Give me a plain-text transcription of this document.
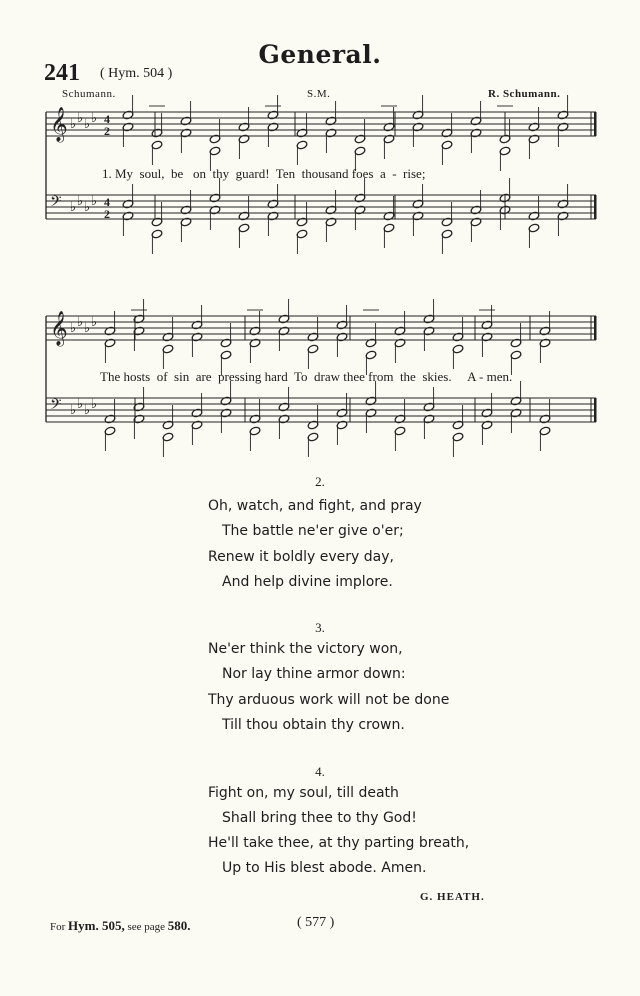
General.
241 ( Hym. 504 )
Schumann.	S.M.	R. Schumann.
𝄞 ♭ ♭ ♭ ♭ 4
2
𝄢 ♭ ♭ ♭ ♭ 4
2
𝄞 ♭ ♭ ♭ ♭
𝄢 ♭ ♭ ♭ ♭
1. My  soul,  be   on  thy  guard!  Ten  thousand foes  a  -  rise;
The hosts  of  sin  are  pressing hard  To  draw thee from  the  skies.     A - men.
2.
Oh, watch, and fight, and pray
The battle ne'er give o'er;
Renew it boldly every day,
And help divine implore.
3.
Ne'er think the victory won,
Nor lay thine armor down:
Thy arduous work will not be done
Till thou obtain thy crown.
4.
Fight on, my soul, till death
Shall bring thee to thy God!
He'll take thee, at thy parting breath,
Up to His blest abode. Amen.
G. HEATH.
For Hym. 505, see page 580.	( 577 )
